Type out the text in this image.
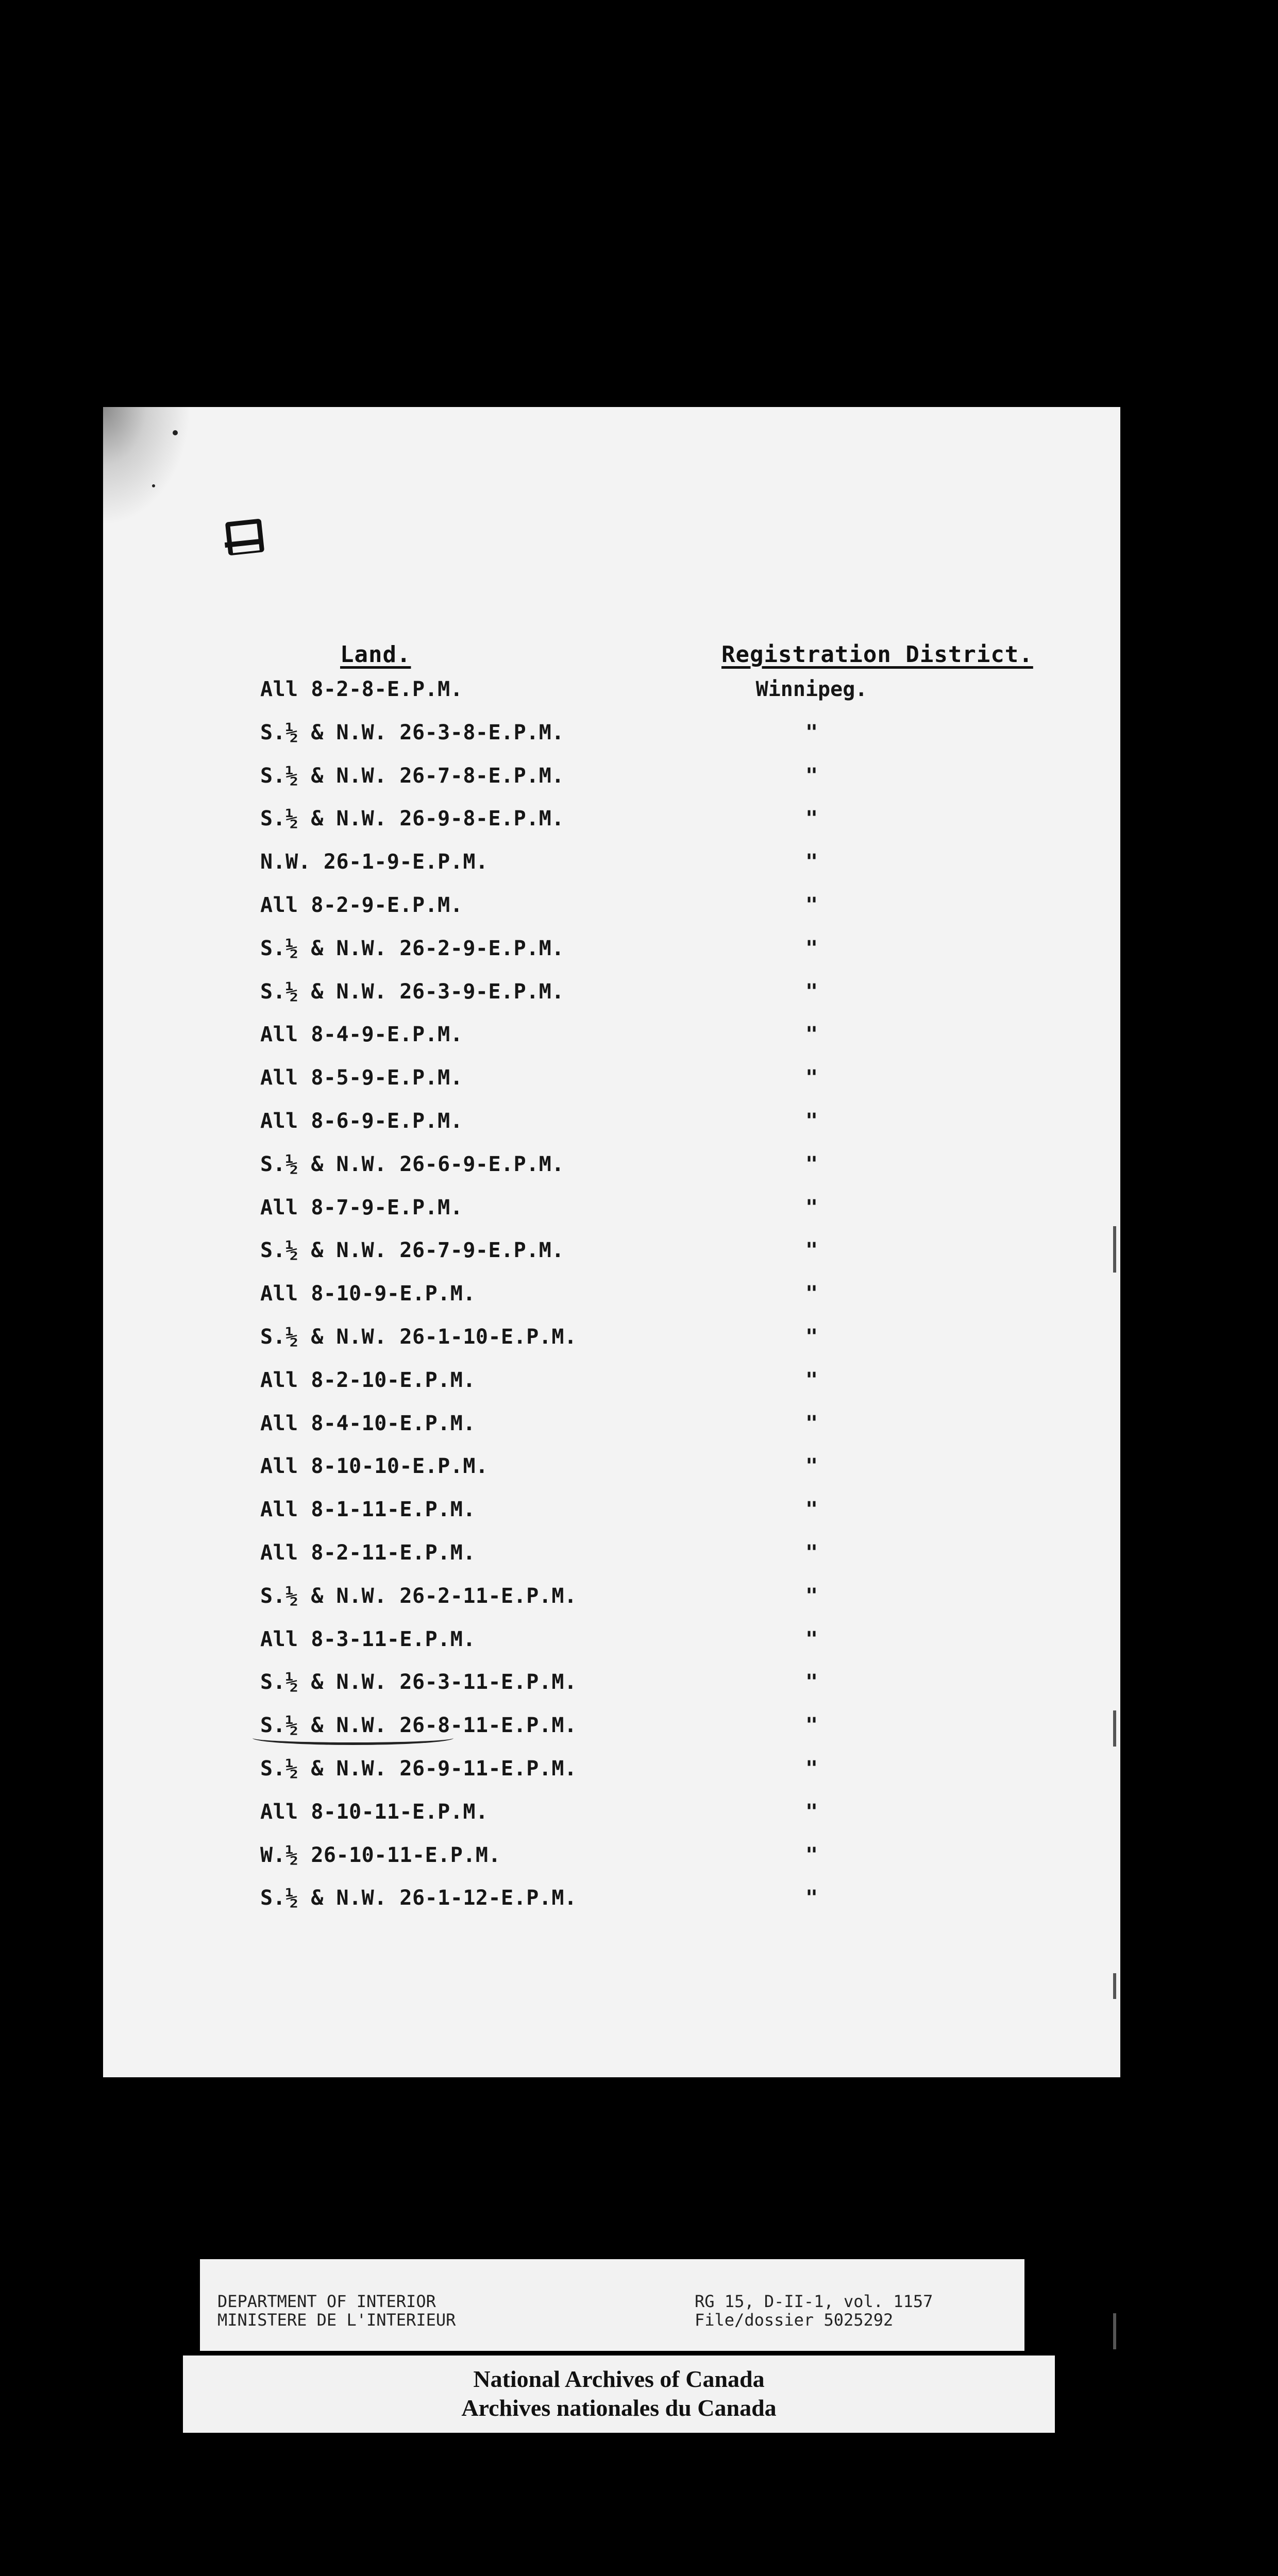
Land.	Registration District.
All 8-2-8-E.P.M.	Winnipeg.
S.½ & N.W. 26-3-8-E.P.M.	"
S.½ & N.W. 26-7-8-E.P.M.	"
S.½ & N.W. 26-9-8-E.P.M.	"
N.W. 26-1-9-E.P.M.	"
All 8-2-9-E.P.M.	"
S.½ & N.W. 26-2-9-E.P.M.	"
S.½ & N.W. 26-3-9-E.P.M.	"
All 8-4-9-E.P.M.	"
All 8-5-9-E.P.M.	"
All 8-6-9-E.P.M.	"
S.½ & N.W. 26-6-9-E.P.M.	"
All 8-7-9-E.P.M.	"
S.½ & N.W. 26-7-9-E.P.M.	"
All 8-10-9-E.P.M.	"
S.½ & N.W. 26-1-10-E.P.M.	"
All 8-2-10-E.P.M.	"
All 8-4-10-E.P.M.	"
All 8-10-10-E.P.M.	"
All 8-1-11-E.P.M.	"
All 8-2-11-E.P.M.	"
S.½ & N.W. 26-2-11-E.P.M.	"
All 8-3-11-E.P.M.	"
S.½ & N.W. 26-3-11-E.P.M.	"
S.½ & N.W. 26-8-11-E.P.M.	"
S.½ & N.W. 26-9-11-E.P.M.	"
All 8-10-11-E.P.M.	"
W.½ 26-10-11-E.P.M.	"
S.½ & N.W. 26-1-12-E.P.M.	"
DEPARTMENT OF INTERIOR
MINISTERE DE L'INTERIEUR
RG 15, D-II-1, vol. 1157
File/dossier 5025292
National Archives of Canada
Archives nationales du Canada
